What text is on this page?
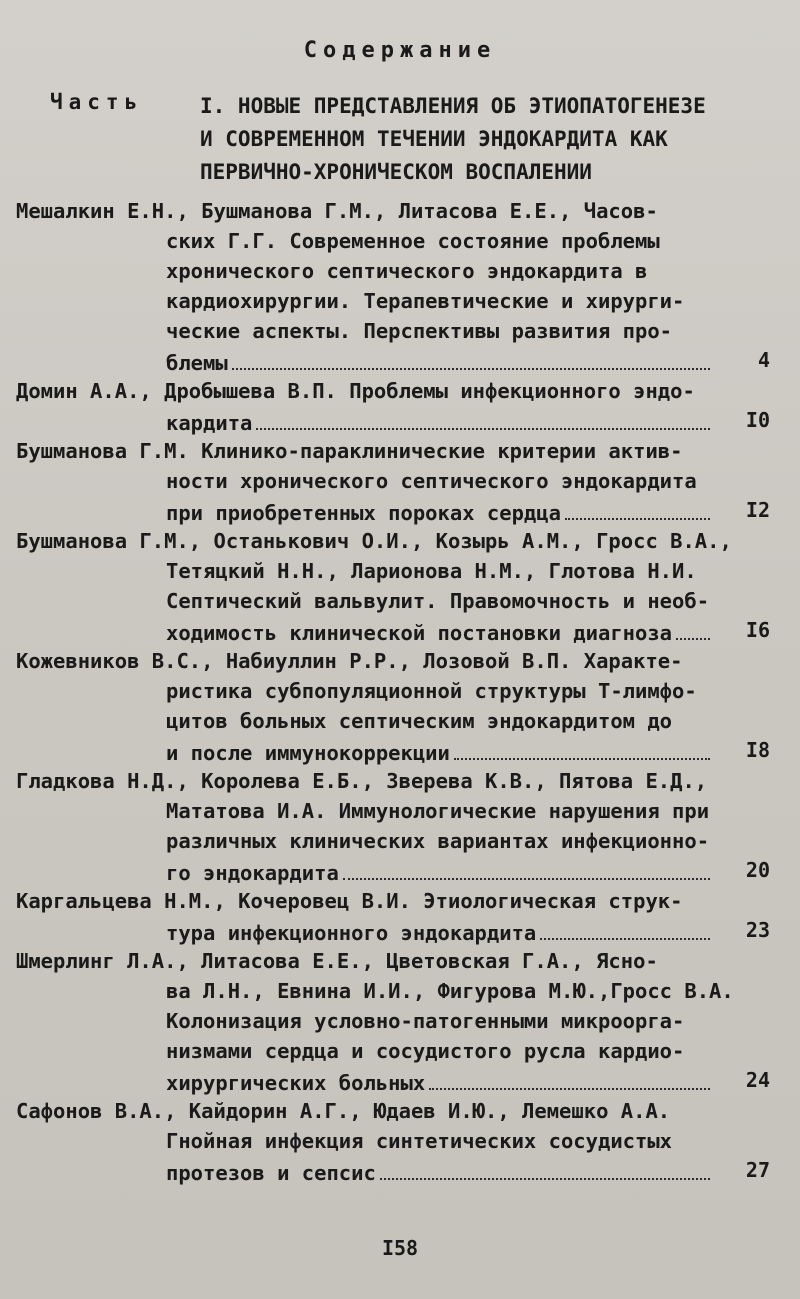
Содержание
Часть	I. НОВЫЕ ПРЕДСТАВЛЕНИЯ ОБ ЭТИОПАТОГЕНЕЗЕ
И СОВРЕМЕННОМ ТЕЧЕНИИ ЭНДОКАРДИТА КАК
ПЕРВИЧНО-ХРОНИЧЕСКОМ ВОСПАЛЕНИИ
Мешалкин Е.Н., Бушманова Г.М., Литасова Е.Е., Часов-
ских Г.Г. Современное состояние проблемы
хронического септического эндокардита в
кардиохирургии. Терапевтические и хирурги-
ческие аспекты. Перспективы развития про-
блемы	4
Домин А.А., Дробышева В.П. Проблемы инфекционного эндо-
кардита	I0
Бушманова Г.М. Клинико-параклинические критерии актив-
ности хронического септического эндокардита
при приобретенных пороках сердца	I2
Бушманова Г.М., Останькович О.И., Козырь А.М., Гросс В.А.,
Тетяцкий Н.Н., Ларионова Н.М., Глотова Н.И.
Септический вальвулит. Правомочность и необ-
ходимость клинической постановки диагноза	I6
Кожевников В.С., Набиуллин Р.Р., Лозовой В.П. Характе-
ристика субпопуляционной структуры Т-лимфо-
цитов больных септическим эндокардитом до
и после иммунокоррекции	I8
Гладкова Н.Д., Королева Е.Б., Зверева К.В., Пятова Е.Д.,
Мататова И.А. Иммунологические нарушения при
различных клинических вариантах инфекционно-
го эндокардита	20
Каргальцева Н.М., Кочеровец В.И. Этиологическая струк-
тура инфекционного эндокардита	23
Шмерлинг Л.А., Литасова Е.Е., Цветовская Г.А., Ясно-
ва Л.Н., Евнина И.И., Фигурова М.Ю.,Гросс В.А.
Колонизация условно-патогенными микроорга-
низмами сердца и сосудистого русла кардио-
хирургических больных	24
Сафонов В.А., Кайдорин А.Г., Юдаев И.Ю., Лемешко А.А.
Гнойная инфекция синтетических сосудистых
протезов и сепсис	27
I58
